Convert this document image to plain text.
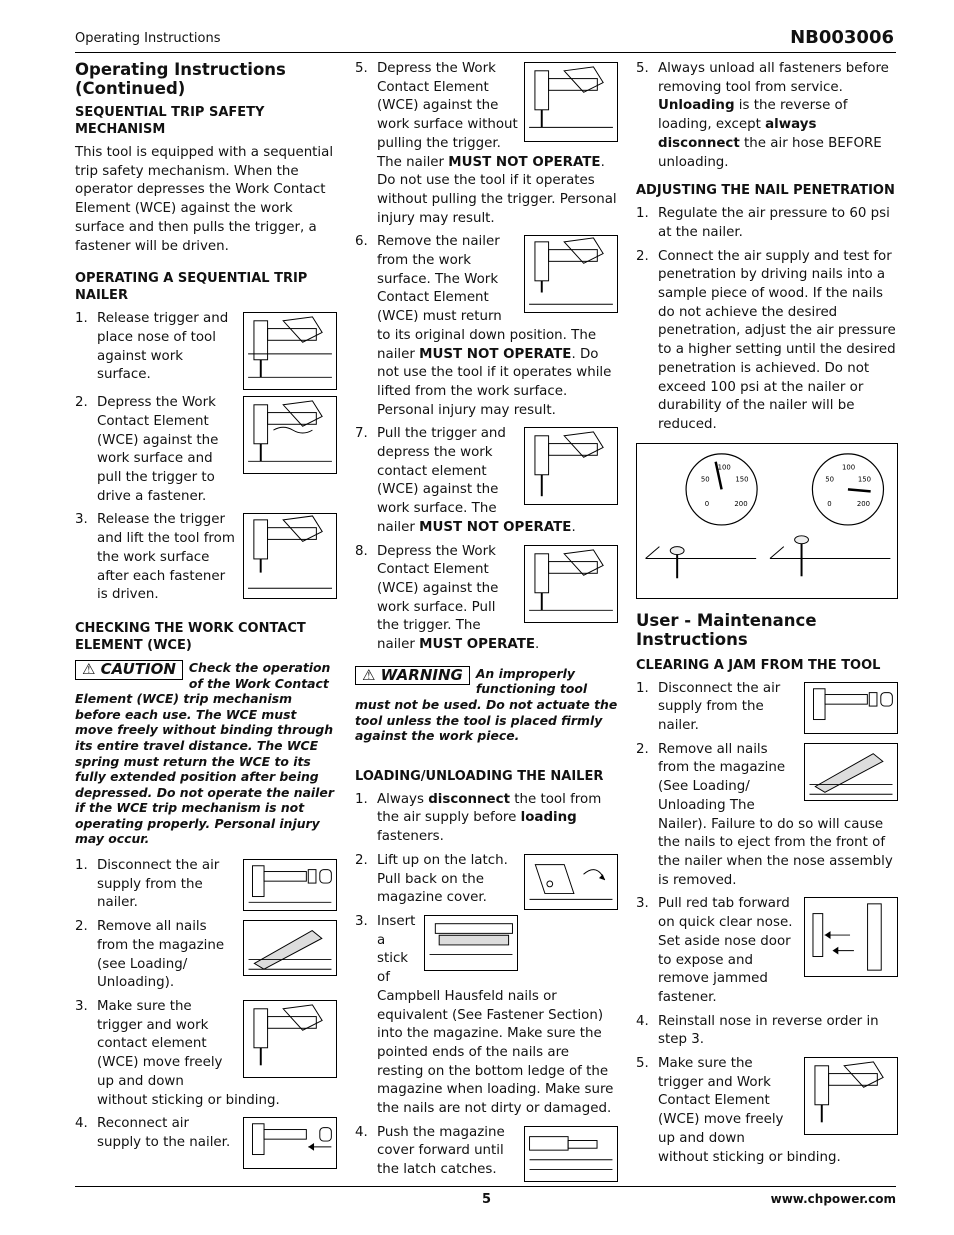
Operating Instructions	NB003006
Operating Instructions (Continued)
SEQUENTIAL TRIP SAFETY MECHANISM

This tool is equipped with a sequential trip safety mechanism. When the operator depresses the Work Contact Element (WCE) against the work surface and then pulls the trigger, a fastener will be driven.

OPERATING A SEQUENTIAL TRIP NAILER
1. Release trigger and place nose of tool against work surface.
2. Depress the Work Contact Element (WCE) against the work surface and pull the trigger to drive a fastener.
3. Release the trigger and lift the tool from the work surface after each fastener is driven.
CHECKING THE WORK CONTACT ELEMENT (WCE)
⚠ CAUTION	Check the operation of the Work Contact Element (WCE) trip mechanism before each use. The WCE must move freely without binding through its entire travel distance. The WCE spring must return the WCE to its fully extended position after being depressed. Do not operate the nailer if the WCE trip mechanism is not operating properly. Personal injury may occur.
1. Disconnect the air supply from the nailer.
2. Remove all nails from the magazine (see Loading/ Unloading).
3. Make sure the trigger and work contact element (WCE) move freely up and down without sticking or binding.
4. Reconnect air supply to the nailer.
5. Depress the Work Contact Element (WCE) against the work surface without pulling the trigger. The nailer MUST NOT OPERATE. Do not use the tool if it operates without pulling the trigger. Personal injury may result.
6. Remove the nailer from the work surface. The Work Contact Element (WCE) must return to its original down position. The nailer MUST NOT OPERATE. Do not use the tool if it operates while lifted from the work surface. Personal injury may result.
7. Pull the trigger and depress the work contact element (WCE) against the work surface. The nailer MUST NOT OPERATE.
8. Depress the Work Contact Element (WCE) against the work surface. Pull the trigger. The nailer MUST OPERATE.
⚠ WARNING	An improperly functioning tool must not be used. Do not actuate the tool unless the tool is placed firmly against the work piece.
LOADING/UNLOADING THE NAILER
1. Always disconnect the tool from the air supply before loading fasteners.
2. Lift up on the latch. Pull back on the magazine cover.
3. Insert a stick of Campbell Hausfeld nails or equivalent (See Fastener Section) into the magazine. Make sure the pointed ends of the nails are resting on the bottom ledge of the magazine when loading. Make sure the nails are not dirty or damaged.
4. Push the magazine cover forward until the latch catches.
5. Always unload all fasteners before removing tool from service. Unloading is the reverse of loading, except always disconnect the air hose BEFORE unloading.
ADJUSTING THE NAIL PENETRATION
1. Regulate the air pressure to 60 psi at the nailer.
2. Connect the air supply and test for penetration by driving nails into a sample piece of wood. If the nails do not achieve the desired penetration, adjust the air pressure to a higher setting until the desired penetration is achieved. Do not exceed 100 psi at the nailer or durability of the nailer will be reduced.
0
50
100
150
200	0
50
100
150
200
User - Maintenance Instructions
CLEARING A JAM FROM THE TOOL
1. Disconnect the air supply from the nailer.
2. Remove all nails from the magazine (See Loading/ Unloading The Nailer). Failure to do so will cause the nails to eject from the front of the nailer when the nose assembly is removed.
3. Pull red tab forward on quick clear nose. Set aside nose door to expose and remove jammed fastener.
4. Reinstall nose in reverse order in step 3.
5. Make sure the trigger and Work Contact Element (WCE) move freely up and down without sticking or binding.
5	www.chpower.com
